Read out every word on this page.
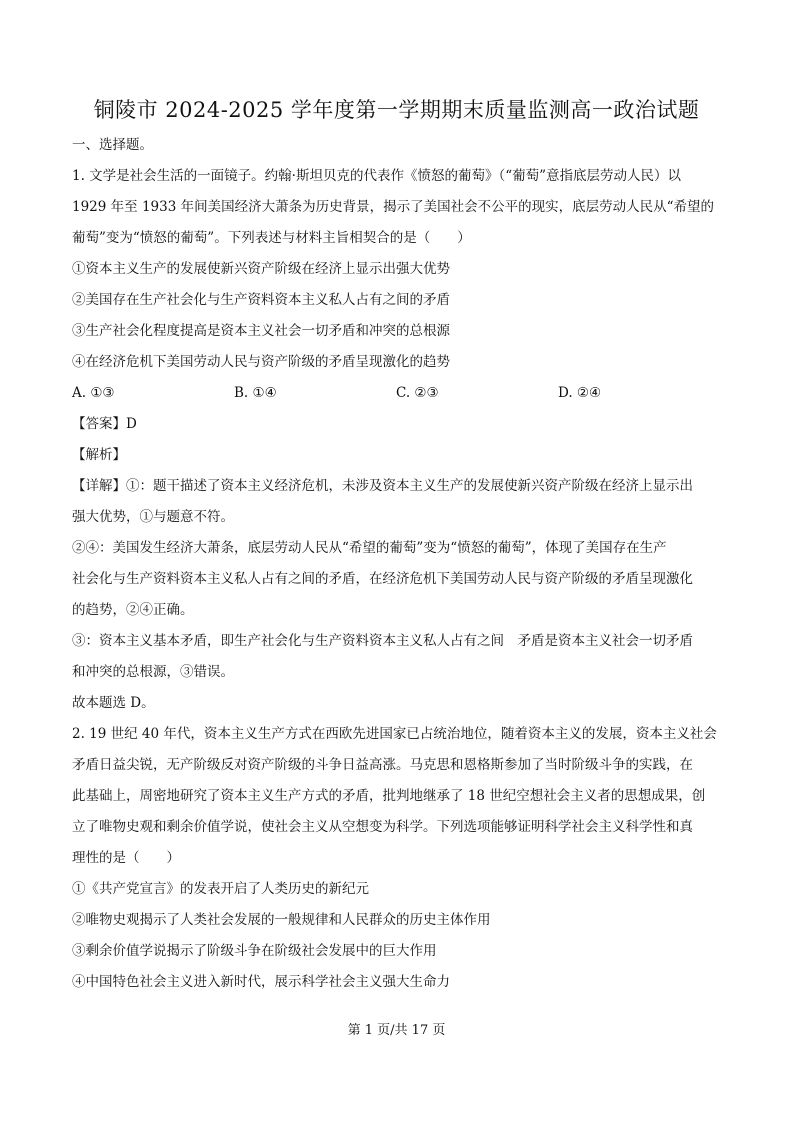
铜陵市 2024-2025 学年度第一学期期末质量监测高一政治试题
一、选择题。
1. 文学是社会生活的一面镜子。约翰·斯坦贝克的代表作《愤怒的葡萄》（“葡萄”意指底层劳动人民）以
1929 年至 1933 年间美国经济大萧条为历史背景，揭示了美国社会不公平的现实，底层劳动人民从“希望的
葡萄”变为“愤怒的葡萄”。下列表述与材料主旨相契合的是（　　）
①资本主义生产的发展使新兴资产阶级在经济上显示出强大优势
②美国存在生产社会化与生产资料资本主义私人占有之间的矛盾
③生产社会化程度提高是资本主义社会一切矛盾和冲突的总根源
④在经济危机下美国劳动人民与资产阶级的矛盾呈现激化的趋势
A. ①③	B. ①④	C. ②③	D. ②④
【答案】D
【解析】
【详解】①：题干描述了资本主义经济危机，未涉及资本主义生产的发展使新兴资产阶级在经济上显示出
强大优势，①与题意不符。
②④：美国发生经济大萧条，底层劳动人民从“希望的葡萄”变为“愤怒的葡萄”，体现了美国存在生产
社会化与生产资料资本主义私人占有之间的矛盾，在经济危机下美国劳动人民与资产阶级的矛盾呈现激化
的趋势，②④正确。
③：资本主义基本矛盾，即生产社会化与生产资料资本主义私人占有之间　矛盾是资本主义社会一切矛盾
和冲突的总根源，③错误。
故本题选 D。
2. 19 世纪 40 年代，资本主义生产方式在西欧先进国家已占统治地位，随着资本主义的发展，资本主义社会
矛盾日益尖锐，无产阶级反对资产阶级的斗争日益高涨。马克思和恩格斯参加了当时阶级斗争的实践，在
此基础上，周密地研究了资本主义生产方式的矛盾，批判地继承了 18 世纪空想社会主义者的思想成果，创
立了唯物史观和剩余价值学说，使社会主义从空想变为科学。下列选项能够证明科学社会主义科学性和真
理性的是（　　）
①《共产党宣言》的发表开启了人类历史的新纪元
②唯物史观揭示了人类社会发展的一般规律和人民群众的历史主体作用
③剩余价值学说揭示了阶级斗争在阶级社会发展中的巨大作用
④中国特色社会主义进入新时代，展示科学社会主义强大生命力
第 1 页/共 17 页
